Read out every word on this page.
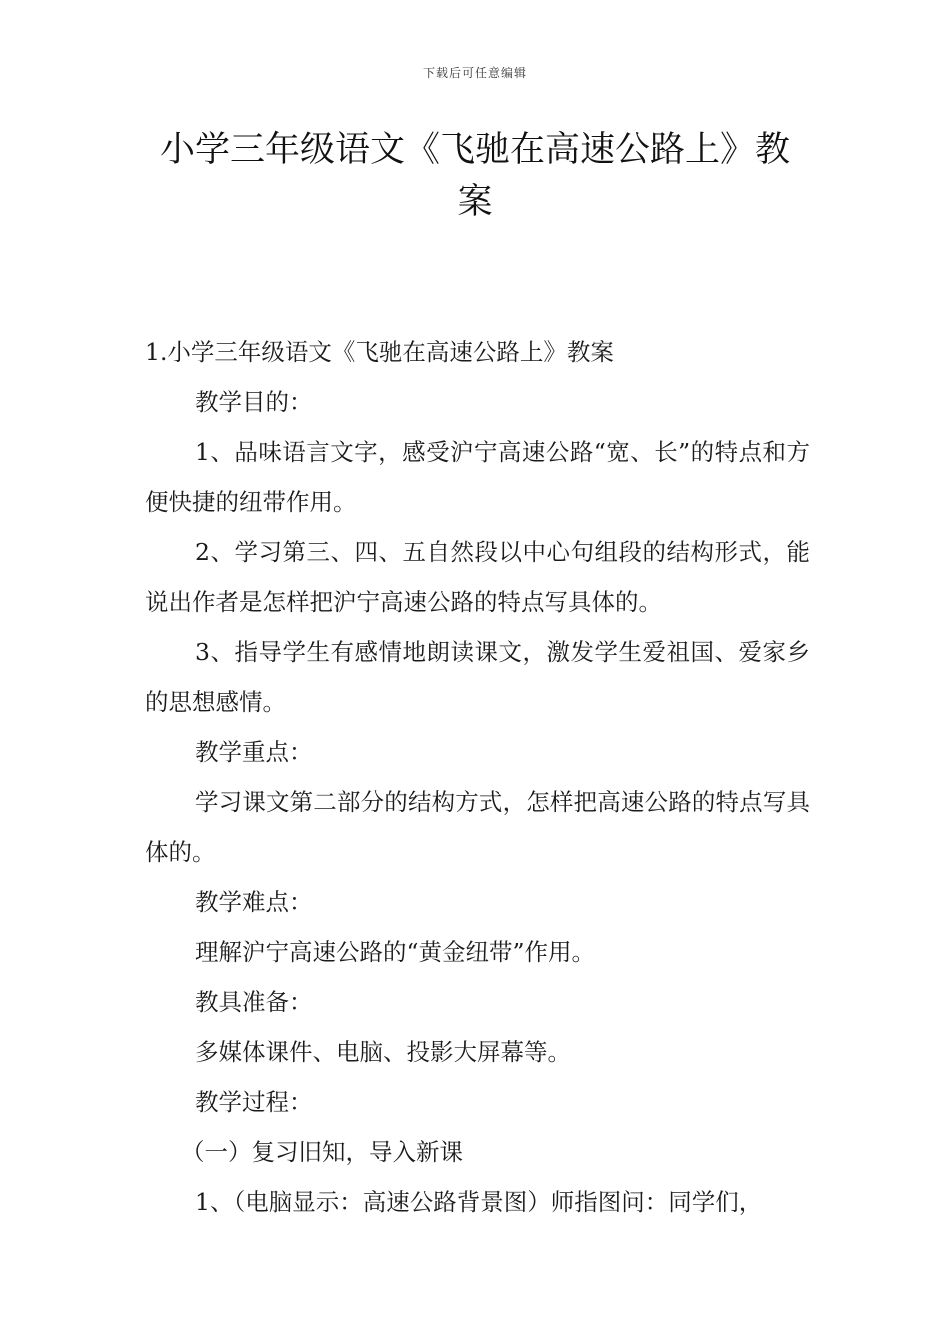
下载后可任意编辑
小学三年级语文《飞驰在高速公路上》教案

1.小学三年级语文《飞驰在高速公路上》教案

教学目的：

1、品味语言文字，感受沪宁高速公路“宽、长”的特点和方便快捷的纽带作用。

2、学习第三、四、五自然段以中心句组段的结构形式，能说出作者是怎样把沪宁高速公路的特点写具体的。

3、指导学生有感情地朗读课文，激发学生爱祖国、爱家乡的思想感情。

教学重点：

学习课文第二部分的结构方式，怎样把高速公路的特点写具体的。

教学难点：

理解沪宁高速公路的“黄金纽带”作用。

教具准备：

多媒体课件、电脑、投影大屏幕等。

教学过程：

（一）复习旧知，导入新课

1、（电脑显示：高速公路背景图）师指图问：同学们，
